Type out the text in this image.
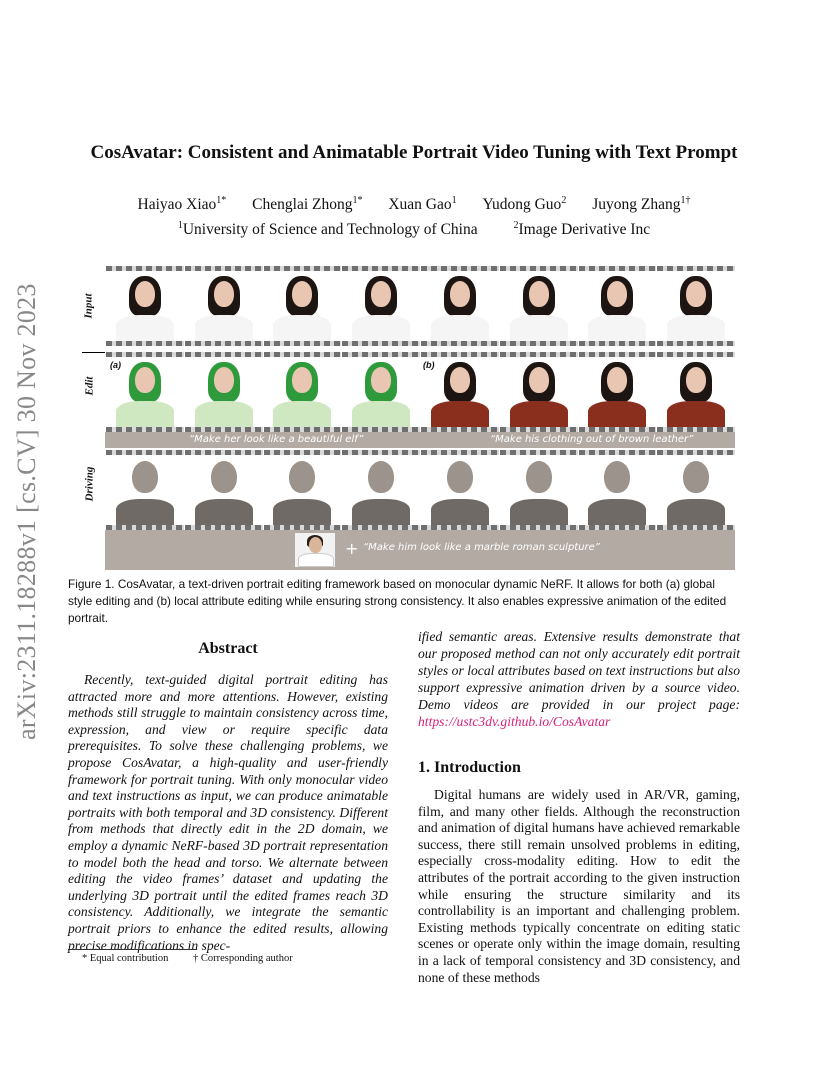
arXiv:2311.18288v1 [cs.CV] 30 Nov 2023
CosAvatar: Consistent and Animatable Portrait Video Tuning with Text Prompt
Haiyao Xiao$^{1*}$ Chenglai Zhong$^{1*}$ Xuan Gao$^1$ Yudong Guo$^2$ Juyong Zhang$^{1\dagger}$
$^1$University of Science and Technology of China	$^2$Image Derivative Inc
Input
Edit
Driving
(a)	(b)
“Make her look like a beautiful elf”	“Make his clothing out of brown leather”
+ “Make him look like a marble roman sculpture”
Figure 1. CosAvatar, a text-driven portrait editing framework based on monocular dynamic NeRF. It allows for both (a) global style editing and (b) local attribute editing while ensuring strong consistency. It also enables expressive animation of the edited portrait.
Abstract

Recently, text-guided digital portrait editing has attracted more and more attentions. However, existing methods still struggle to maintain consistency across time, expression, and view or require specific data prerequisites. To solve these challenging problems, we propose CosAvatar, a high-quality and user-friendly framework for portrait tuning. With only monocular video and text instructions as input, we can produce animatable portraits with both temporal and 3D consistency. Different from methods that directly edit in the 2D domain, we employ a dynamic NeRF-based 3D portrait representation to model both the head and torso. We alternate between editing the video frames’ dataset and updating the underlying 3D portrait until the edited frames reach 3D consistency. Additionally, we integrate the semantic portrait priors to enhance the edited results, allowing precise modifications in spec-

* Equal contribution † Corresponding author

ified semantic areas. Extensive results demonstrate that our proposed method can not only accurately edit portrait styles or local attributes based on text instructions but also support expressive animation driven by a source video. Demo videos are provided in our project page: https://ustc3dv.github.io/CosAvatar

1. Introduction

Digital humans are widely used in AR/VR, gaming, film, and many other fields. Although the reconstruction and animation of digital humans have achieved remarkable success, there still remain unsolved problems in editing, especially cross-modality editing. How to edit the attributes of the portrait according to the given instruction while ensuring the structure similarity and its controllability is an important and challenging problem. Existing methods typically concentrate on editing static scenes or operate only within the image domain, resulting in a lack of temporal consistency and 3D consistency, and none of these methods
